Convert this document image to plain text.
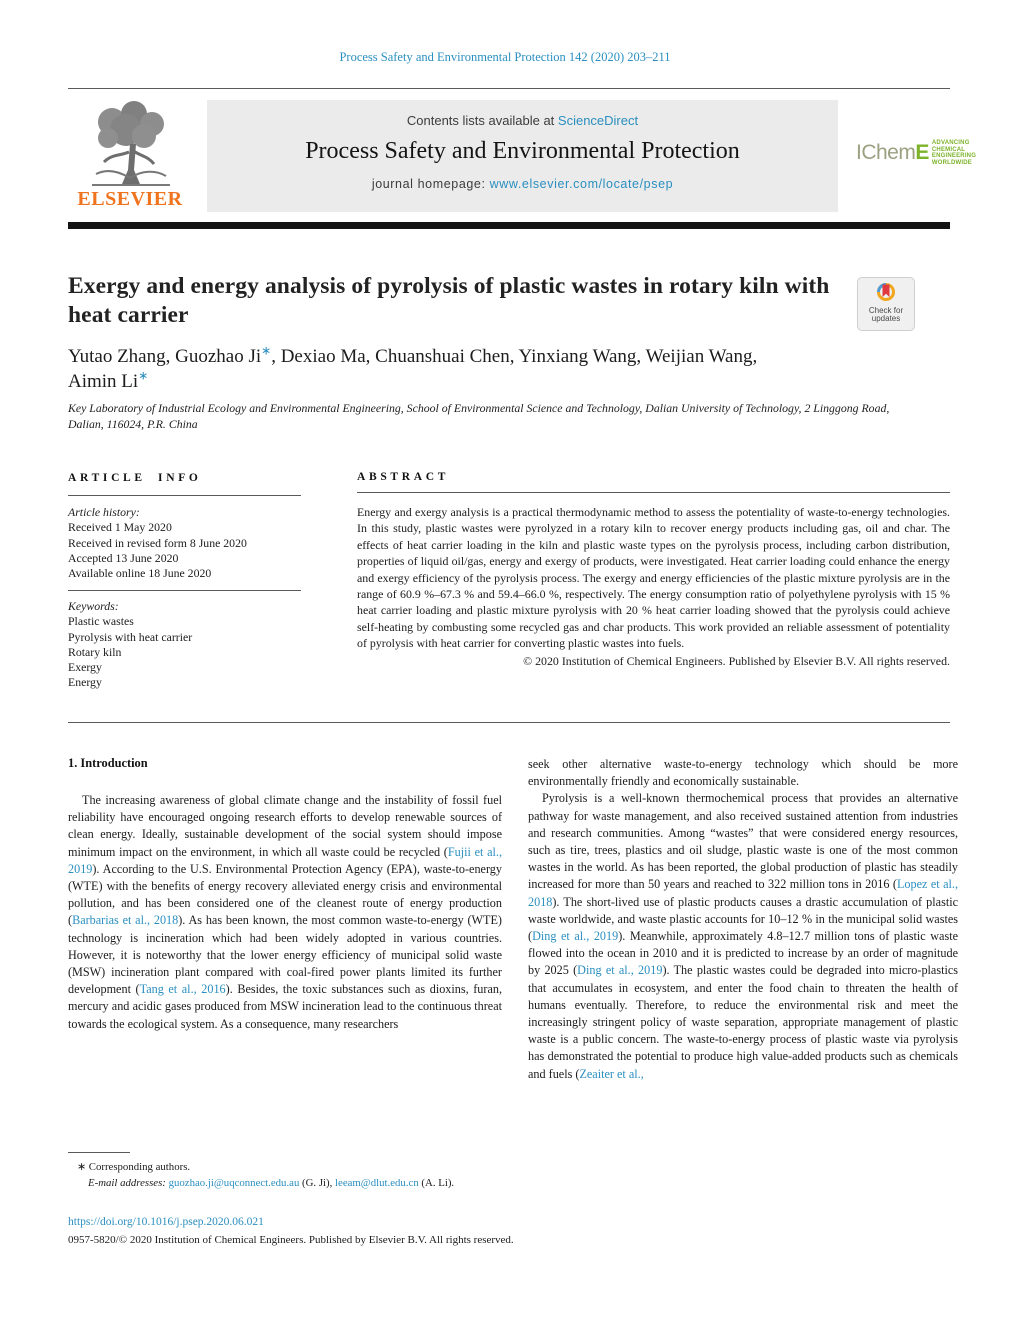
Process Safety and Environmental Protection 142 (2020) 203–211
ELSEVIER
Contents lists available at ScienceDirect
Process Safety and Environmental Protection
journal homepage: www.elsevier.com/locate/psep
IChemE ADVANCING
CHEMICAL
ENGINEERING
WORLDWIDE
Exergy and energy analysis of pyrolysis of plastic wastes in rotary kiln with heat carrier	Check for
updates
Yutao Zhang, Guozhao Ji∗, Dexiao Ma, Chuanshuai Chen, Yinxiang Wang, Weijian Wang, Aimin Li∗
Key Laboratory of Industrial Ecology and Environmental Engineering, School of Environmental Science and Technology, Dalian University of Technology, 2 Linggong Road, Dalian, 116024, P.R. China
ARTICLE INFO
Article history:
Received 1 May 2020
Received in revised form 8 June 2020
Accepted 13 June 2020
Available online 18 June 2020
Keywords:
Plastic wastes
Pyrolysis with heat carrier
Rotary kiln
Exergy
Energy
ABSTRACT
Energy and exergy analysis is a practical thermodynamic method to assess the potentiality of waste-to-energy technologies. In this study, plastic wastes were pyrolyzed in a rotary kiln to recover energy products including gas, oil and char. The effects of heat carrier loading in the kiln and plastic waste types on the pyrolysis process, including carbon distribution, properties of liquid oil/gas, energy and exergy of products, were investigated. Heat carrier loading could enhance the energy and exergy efficiency of the pyrolysis process. The exergy and energy efficiencies of the plastic mixture pyrolysis are in the range of 60.9 %–67.3 % and 59.4–66.0 %, respectively. The energy consumption ratio of polyethylene pyrolysis with 15 % heat carrier loading and plastic mixture pyrolysis with 20 % heat carrier loading showed that the pyrolysis could achieve self-heating by combusting some recycled gas and char products. This work provided an reliable assessment of potentiality of pyrolysis with heat carrier for converting plastic wastes into fuels.
© 2020 Institution of Chemical Engineers. Published by Elsevier B.V. All rights reserved.
1. Introduction
The increasing awareness of global climate change and the instability of fossil fuel reliability have encouraged ongoing research efforts to develop renewable sources of clean energy. Ideally, sustainable development of the social system should impose minimum impact on the environment, in which all waste could be recycled (Fujii et al., 2019). According to the U.S. Environmental Protection Agency (EPA), waste-to-energy (WTE) with the benefits of energy recovery alleviated energy crisis and environmental pollution, and has been considered one of the cleanest route of energy production (Barbarias et al., 2018). As has been known, the most common waste-to-energy (WTE) technology is incineration which had been widely adopted in various countries. However, it is noteworthy that the lower energy efficiency of municipal solid waste (MSW) incineration plant compared with coal-fired power plants limited its further development (Tang et al., 2016). Besides, the toxic substances such as dioxins, furan, mercury and acidic gases produced from MSW incineration lead to the continuous threat towards the ecological system. As a consequence, many researchers
seek other alternative waste-to-energy technology which should be more environmentally friendly and economically sustainable.
Pyrolysis is a well-known thermochemical process that provides an alternative pathway for waste management, and also received sustained attention from industries and research communities. Among “wastes” that were considered energy resources, such as tire, trees, plastics and oil sludge, plastic waste is one of the most common wastes in the world. As has been reported, the global production of plastic has steadily increased for more than 50 years and reached to 322 million tons in 2016 (Lopez et al., 2018). The short-lived use of plastic products causes a drastic accumulation of plastic waste worldwide, and waste plastic accounts for 10–12 % in the municipal solid wastes (Ding et al., 2019). Meanwhile, approximately 4.8–12.7 million tons of plastic waste flowed into the ocean in 2010 and it is predicted to increase by an order of magnitude by 2025 (Ding et al., 2019). The plastic wastes could be degraded into micro-plastics that accumulates in ecosystem, and enter the food chain to threaten the health of humans eventually. Therefore, to reduce the environmental risk and meet the increasingly stringent policy of waste separation, appropriate management of plastic waste is a public concern. The waste-to-energy process of plastic waste via pyrolysis has demonstrated the potential to produce high value-added products such as chemicals and fuels (Zeaiter et al.,
∗ Corresponding authors.
E-mail addresses: guozhao.ji@uqconnect.edu.au (G. Ji), leeam@dlut.edu.cn (A. Li).
https://doi.org/10.1016/j.psep.2020.06.021
0957-5820/© 2020 Institution of Chemical Engineers. Published by Elsevier B.V. All rights reserved.
